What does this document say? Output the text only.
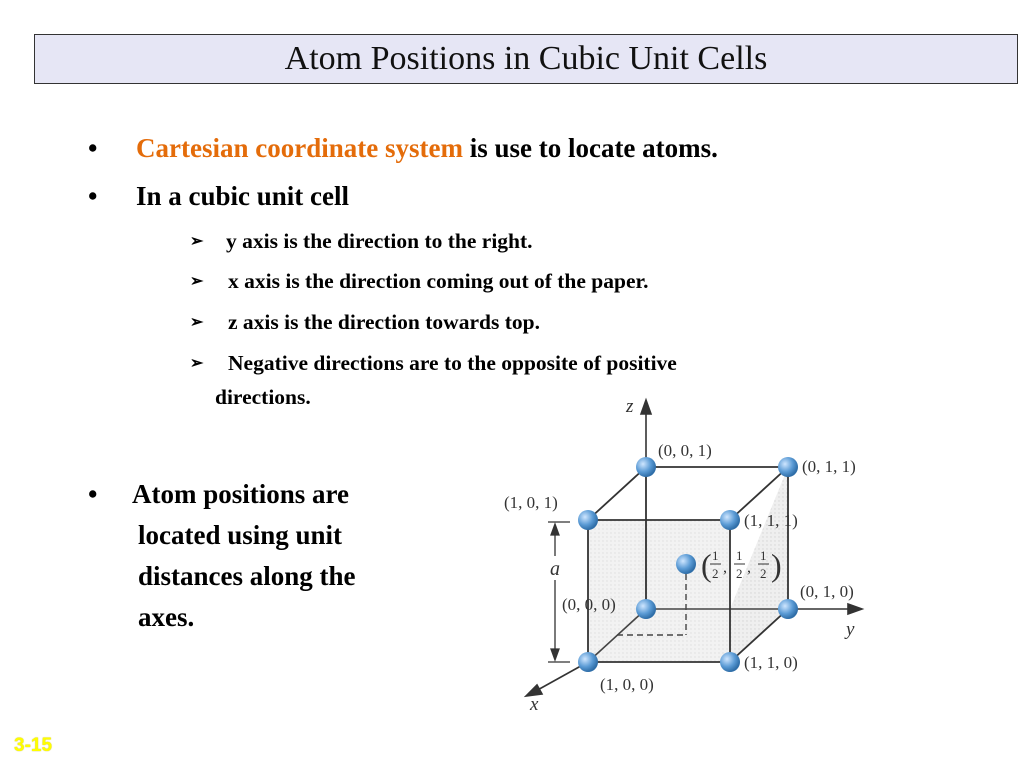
Atom Positions in Cubic Unit Cells
• Cartesian coordinate system is use to locate atoms.
• In a cubic unit cell
➢ y axis is the direction to the right.
➢ x axis is the direction coming out of the paper.
➢ z axis is the direction towards top.
➢ Negative directions are to the opposite of positive
directions.
• Atom positions are
located using unit
distances along the
axes.
z
y
x
a
(0, 0, 0)
(0, 0, 1)
(0, 1, 1)
(1, 0, 1)
(1, 1, 1)
(0, 1, 0)
(1, 1, 0)
(1, 0, 0)
( 1
2 ,
1
2 ,
1
2 )
3-15
